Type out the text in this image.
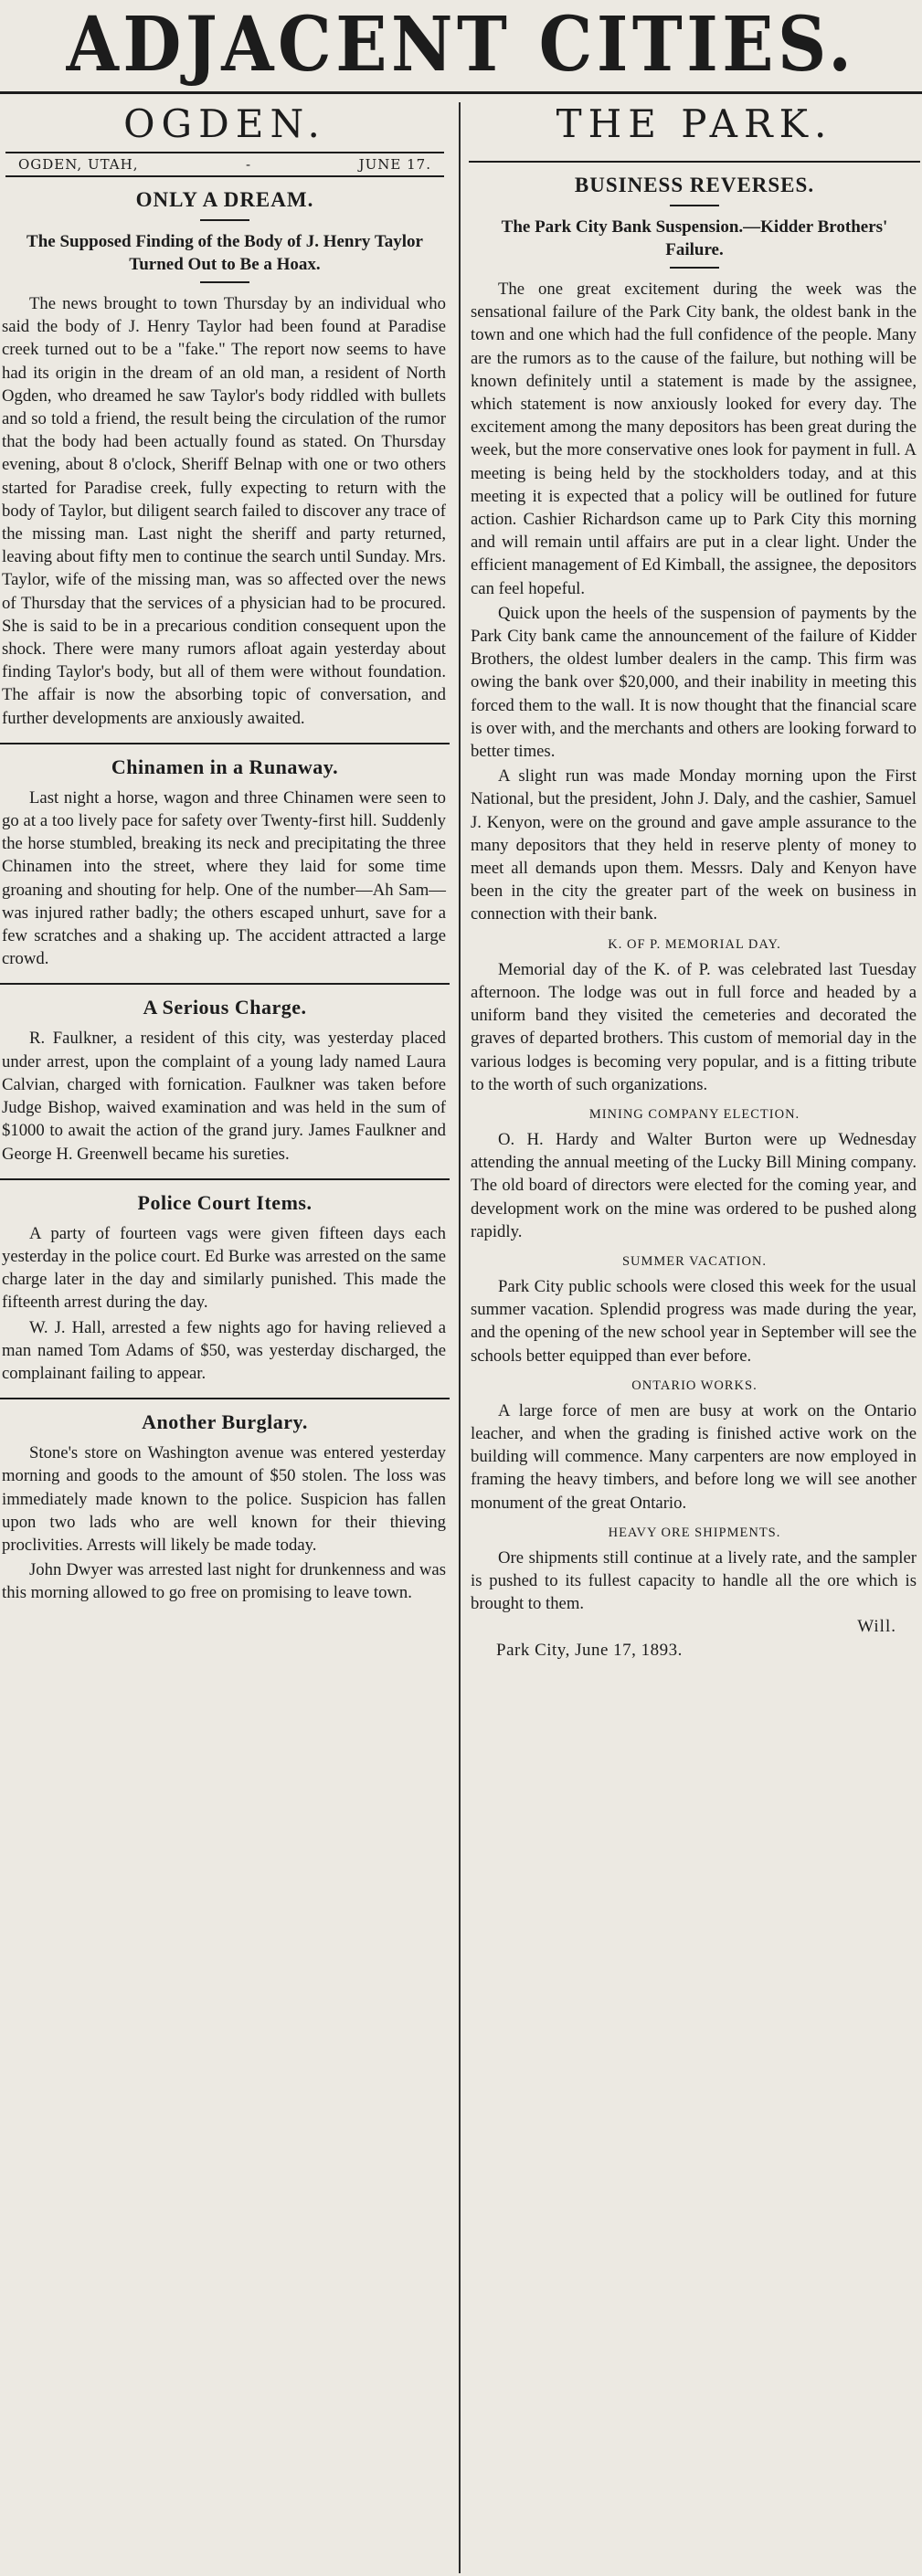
ADJACENT CITIES.
OGDEN.
OGDEN, UTAH,	-	JUNE 17.
ONLY A DREAM.
The Supposed Finding of the Body of J. Henry Taylor Turned Out to Be a Hoax.

The news brought to town Thursday by an individual who said the body of J. Henry Taylor had been found at Paradise creek turned out to be a "fake." The report now seems to have had its origin in the dream of an old man, a resident of North Ogden, who dreamed he saw Taylor's body riddled with bullets and so told a friend, the result being the circulation of the rumor that the body had been actually found as stated. On Thursday evening, about 8 o'clock, Sheriff Belnap with one or two others started for Paradise creek, fully expecting to return with the body of Taylor, but diligent search failed to discover any trace of the missing man. Last night the sheriff and party returned, leaving about fifty men to continue the search until Sunday. Mrs. Taylor, wife of the missing man, was so affected over the news of Thursday that the services of a physician had to be procured. She is said to be in a precarious condition consequent upon the shock. There were many rumors afloat again yesterday about finding Taylor's body, but all of them were without foundation. The affair is now the absorbing topic of conversation, and further developments are anxiously awaited.

Chinamen in a Runaway.

Last night a horse, wagon and three Chinamen were seen to go at a too lively pace for safety over Twenty-first hill. Suddenly the horse stumbled, breaking its neck and precipitating the three Chinamen into the street, where they laid for some time groaning and shouting for help. One of the number—Ah Sam—was injured rather badly; the others escaped unhurt, save for a few scratches and a shaking up. The accident attracted a large crowd.

A Serious Charge.

R. Faulkner, a resident of this city, was yesterday placed under arrest, upon the complaint of a young lady named Laura Calvian, charged with fornication. Faulkner was taken before Judge Bishop, waived examination and was held in the sum of $1000 to await the action of the grand jury. James Faulkner and George H. Greenwell became his sureties.

Police Court Items.

A party of fourteen vags were given fifteen days each yesterday in the police court. Ed Burke was arrested on the same charge later in the day and similarly punished. This made the fifteenth arrest during the day.

W. J. Hall, arrested a few nights ago for having relieved a man named Tom Adams of $50, was yesterday discharged, the complainant failing to appear.

Another Burglary.

Stone's store on Washington avenue was entered yesterday morning and goods to the amount of $50 stolen. The loss was immediately made known to the police. Suspicion has fallen upon two lads who are well known for their thieving proclivities. Arrests will likely be made today.

John Dwyer was arrested last night for drunkenness and was this morning allowed to go free on promising to leave town.

THE PARK.
BUSINESS REVERSES.
The Park City Bank Suspension.—Kidder Brothers' Failure.

The one great excitement during the week was the sensational failure of the Park City bank, the oldest bank in the town and one which had the full confidence of the people. Many are the rumors as to the cause of the failure, but nothing will be known definitely until a statement is made by the assignee, which statement is now anxiously looked for every day. The excitement among the many depositors has been great during the week, but the more conservative ones look for payment in full. A meeting is being held by the stockholders today, and at this meeting it is expected that a policy will be outlined for future action. Cashier Richardson came up to Park City this morning and will remain until affairs are put in a clear light. Under the efficient management of Ed Kimball, the assignee, the depositors can feel hopeful.

Quick upon the heels of the suspension of payments by the Park City bank came the announcement of the failure of Kidder Brothers, the oldest lumber dealers in the camp. This firm was owing the bank over $20,000, and their inability in meeting this forced them to the wall. It is now thought that the financial scare is over with, and the merchants and others are looking forward to better times.

A slight run was made Monday morning upon the First National, but the president, John J. Daly, and the cashier, Samuel J. Kenyon, were on the ground and gave ample assurance to the many depositors that they held in reserve plenty of money to meet all demands upon them. Messrs. Daly and Kenyon have been in the city the greater part of the week on business in connection with their bank.

K. OF P. MEMORIAL DAY.

Memorial day of the K. of P. was celebrated last Tuesday afternoon. The lodge was out in full force and headed by a uniform band they visited the cemeteries and decorated the graves of departed brothers. This custom of memorial day in the various lodges is becoming very popular, and is a fitting tribute to the worth of such organizations.

MINING COMPANY ELECTION.

O. H. Hardy and Walter Burton were up Wednesday attending the annual meeting of the Lucky Bill Mining company. The old board of directors were elected for the coming year, and development work on the mine was ordered to be pushed along rapidly.

SUMMER VACATION.

Park City public schools were closed this week for the usual summer vacation. Splendid progress was made during the year, and the opening of the new school year in September will see the schools better equipped than ever before.

ONTARIO WORKS.

A large force of men are busy at work on the Ontario leacher, and when the grading is finished active work on the building will commence. Many carpenters are now employed in framing the heavy timbers, and before long we will see another monument of the great Ontario.

HEAVY ORE SHIPMENTS.

Ore shipments still continue at a lively rate, and the sampler is pushed to its fullest capacity to handle all the ore which is brought to them.

Will.
Park City, June 17, 1893.
